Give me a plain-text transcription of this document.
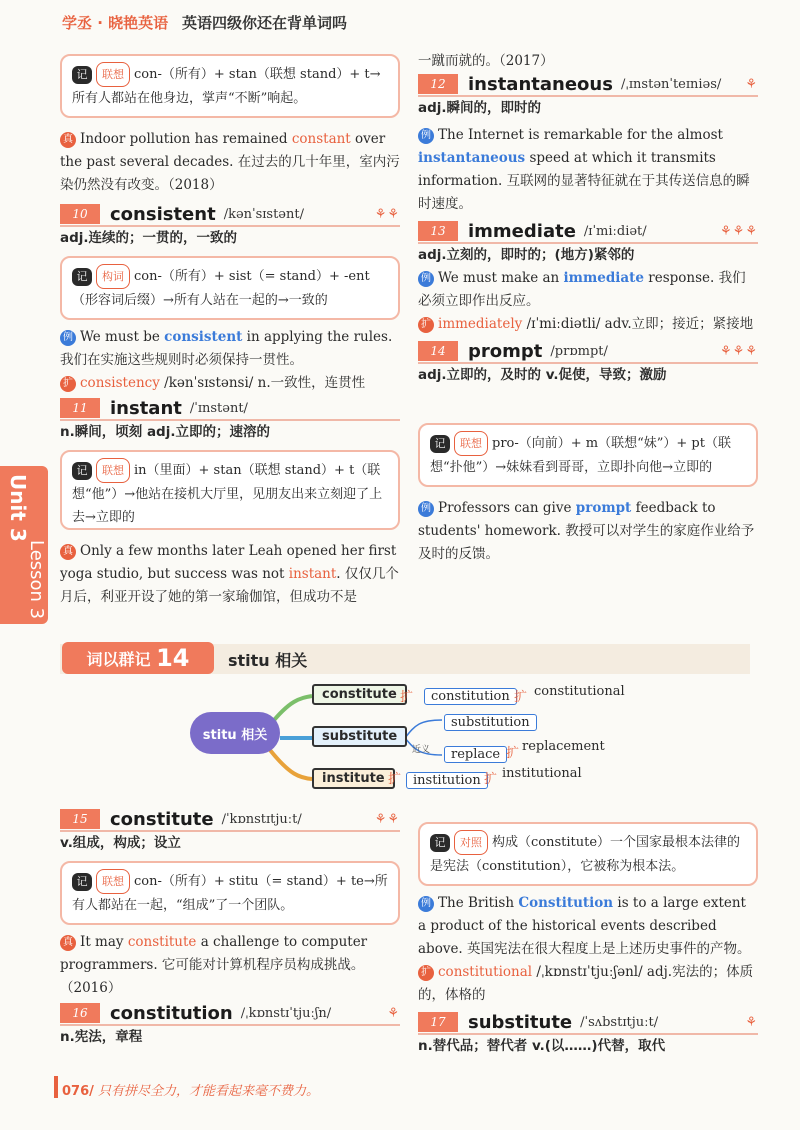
学丞 · 晓艳英语 英语四级你还在背单词吗
Unit 3
Lesson 3
记 联想 con-（所有）+ stan（联想 stand）+ t→
所有人都站在他身边，掌声“不断”响起。
真 Indoor pollution has remained constant over the past several decades. 在过去的几十年里，室内污染仍然没有改变。（2018）
10	consistent /kənˈsɪstənt/	⚘⚘
adj.连续的；一贯的，一致的
记 构词 con-（所有）+ sist（= stand）+ -ent（形容词后缀）→所有人站在一起的→一致的
例 We must be consistent in applying the rules. 我们在实施这些规则时必须保持一贯性。
扩 consistency /kənˈsɪstənsi/ n.一致性，连贯性
11	instant /ˈɪnstənt/
n.瞬间，顷刻 adj.立即的；速溶的
记 联想 in（里面）+ stan（联想 stand）+ t（联想“他”）→他站在接机大厅里，见朋友出来立刻迎了上去→立即的
真 Only a few months later Leah opened her first yoga studio, but success was not instant. 仅仅几个月后，利亚开设了她的第一家瑜伽馆，但成功不是
一蹴而就的。（2017）
12	instantaneous /ˌɪnstənˈteɪniəs/ ⚘
adj.瞬间的，即时的
例 The Internet is remarkable for the almost instantaneous speed at which it transmits information. 互联网的显著特征就在于其传送信息的瞬时速度。
13	immediate /ɪˈmiːdiət/	⚘⚘⚘
adj.立刻的，即时的；(地方)紧邻的
例 We must make an immediate response. 我们必须立即作出反应。
扩 immediately /ɪˈmiːdiətli/ adv.立即；接近；紧接地
14	prompt /prɒmpt/	⚘⚘⚘
adj.立即的，及时的 v.促使，导致；激励
记 联想 pro-（向前）+ m（联想“妹”）+ pt（联想“扑他”）→妹妹看到哥哥，立即扑向他→立即的
例 Professors can give prompt feedback to students' homework. 教授可以对学生的家庭作业给予及时的反馈。
词以群记
14 stitu 相关
stitu 相关
constitute 扩	constitution 扩 constitutional
substitute
substitution
近义	replace 扩 replacement
institute 扩 institution 扩 institutional
15	constitute /ˈkɒnstɪtjuːt/	⚘⚘
v.组成，构成；设立
记 联想 con-（所有）+ stitu（= stand）+ te→所有人都站在一起，“组成”了一个团队。
真 It may constitute a challenge to computer programmers. 它可能对计算机程序员构成挑战。（2016）
16	constitution /ˌkɒnstɪˈtjuːʃn/	⚘
n.宪法，章程
记 对照 构成（constitute）一个国家最根本法律的是宪法（constitution），它被称为根本法。
例 The British Constitution is to a large extent a product of the historical events described above. 英国宪法在很大程度上是上述历史事件的产物。
扩 constitutional /ˌkɒnstɪˈtjuːʃənl/ adj.宪法的；体质的，体格的
17	substitute /ˈsʌbstɪtjuːt/	⚘
n.替代品；替代者 v.(以……)代替，取代
076/ 只有拼尽全力，才能看起来毫不费力。
